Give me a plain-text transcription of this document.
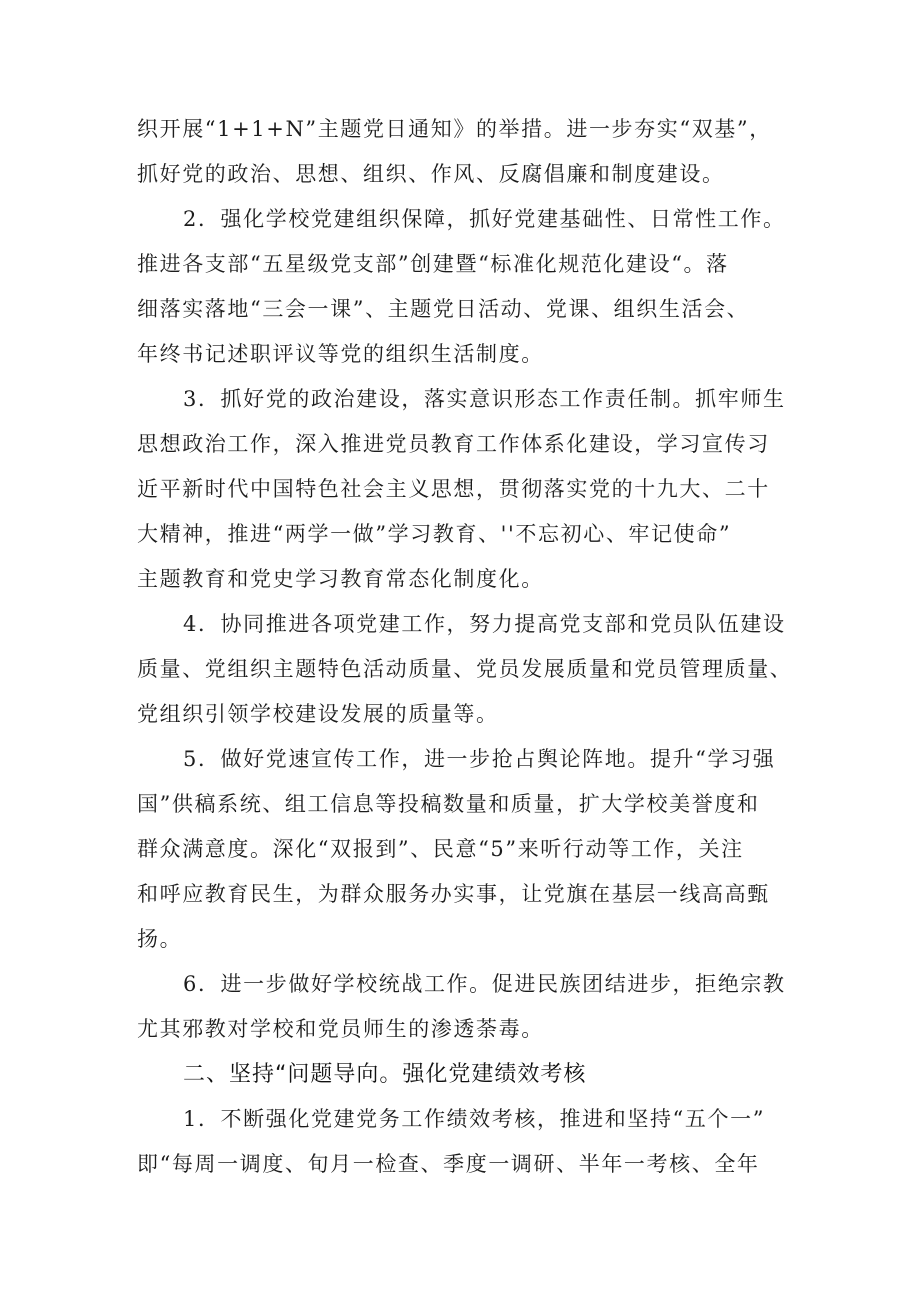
织开展“1+1+N”主题党日通知》的举措。进一步夯实“双基”，
抓好党的政治、思想、组织、作风、反腐倡廉和制度建设。
2．强化学校党建组织保障，抓好党建基础性、日常性工作。
推进各支部“五星级党支部”创建暨“标准化规范化建设“。落
细落实落地“三会一课”、主题党日活动、党课、组织生活会、
年终书记述职评议等党的组织生活制度。
3．抓好党的政治建设，落实意识形态工作责任制。抓牢师生
思想政治工作，深入推进党员教育工作体系化建设，学习宣传习
近平新时代中国特色社会主义思想，贯彻落实党的十九大、二十
大精神，推进“两学一做”学习教育、''不忘初心、牢记使命”
主题教育和党史学习教育常态化制度化。
4．协同推进各项党建工作，努力提高党支部和党员队伍建设
质量、党组织主题特色活动质量、党员发展质量和党员管理质量、
党组织引领学校建设发展的质量等。
5．做好党速宣传工作，进一步抢占舆论阵地。提升“学习强
国”供稿系统、组工信息等投稿数量和质量，扩大学校美誉度和
群众满意度。深化“双报到”、民意“5”来听行动等工作，关注
和呼应教育民生，为群众服务办实事，让党旗在基层一线高高甄
扬。
6．进一步做好学校统战工作。促进民族团结进步，拒绝宗教
尤其邪教对学校和党员师生的渗透荼毒。
二、坚持“问题导向。强化党建绩效考核
1．不断强化党建党务工作绩效考核，推进和坚持“五个一”
即“每周一调度、旬月一检查、季度一调研、半年一考核、全年
